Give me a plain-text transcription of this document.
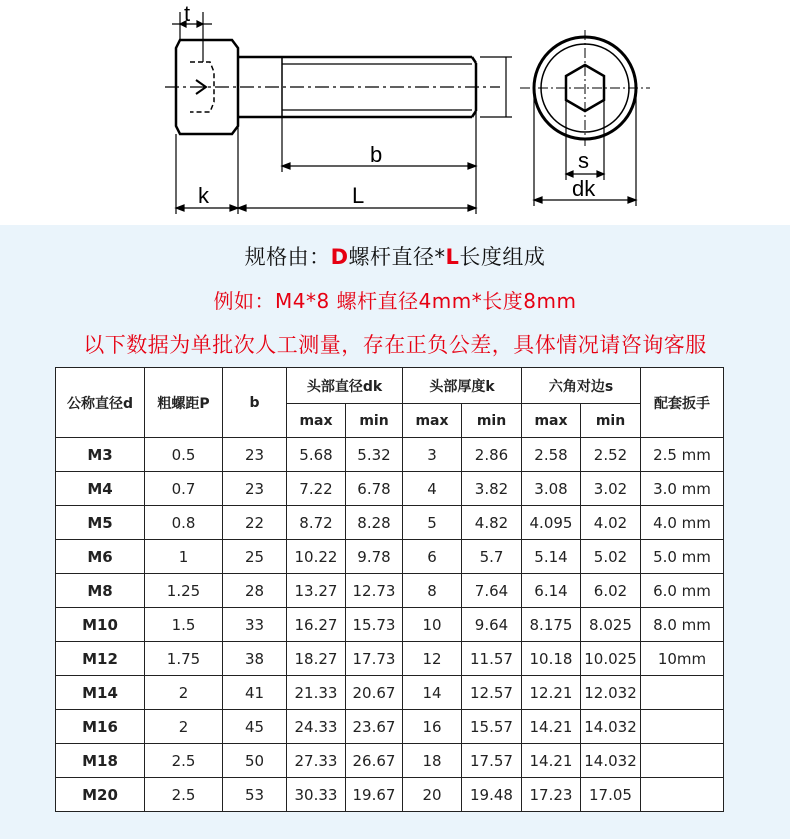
t
b
k	L
s
dk
规格由：D螺杆直径*L长度组成
例如：M4*8 螺杆直径4mm*长度8mm
以下数据为单批次人工测量，存在正负公差，具体情况请咨询客服
公称直径d	粗螺距P	b	头部直径dk		头部厚度k		六角对边s		配套扳手
			max	min	max	min	max	min	
M3	0.5	23	5.68	5.32	3	2.86	2.58	2.52	2.5 mm
M4	0.7	23	7.22	6.78	4	3.82	3.08	3.02	3.0 mm
M5	0.8	22	8.72	8.28	5	4.82	4.095	4.02	4.0 mm
M6	1	25	10.22	9.78	6	5.7	5.14	5.02	5.0 mm
M8	1.25	28	13.27	12.73	8	7.64	6.14	6.02	6.0 mm
M10	1.5	33	16.27	15.73	10	9.64	8.175	8.025	8.0 mm
M12	1.75	38	18.27	17.73	12	11.57	10.18	10.025	10mm
M14	2	41	21.33	20.67	14	12.57	12.21	12.032	
M16	2	45	24.33	23.67	16	15.57	14.21	14.032	
M18	2.5	50	27.33	26.67	18	17.57	14.21	14.032	
M20	2.5	53	30.33	19.67	20	19.48	17.23	17.05	
